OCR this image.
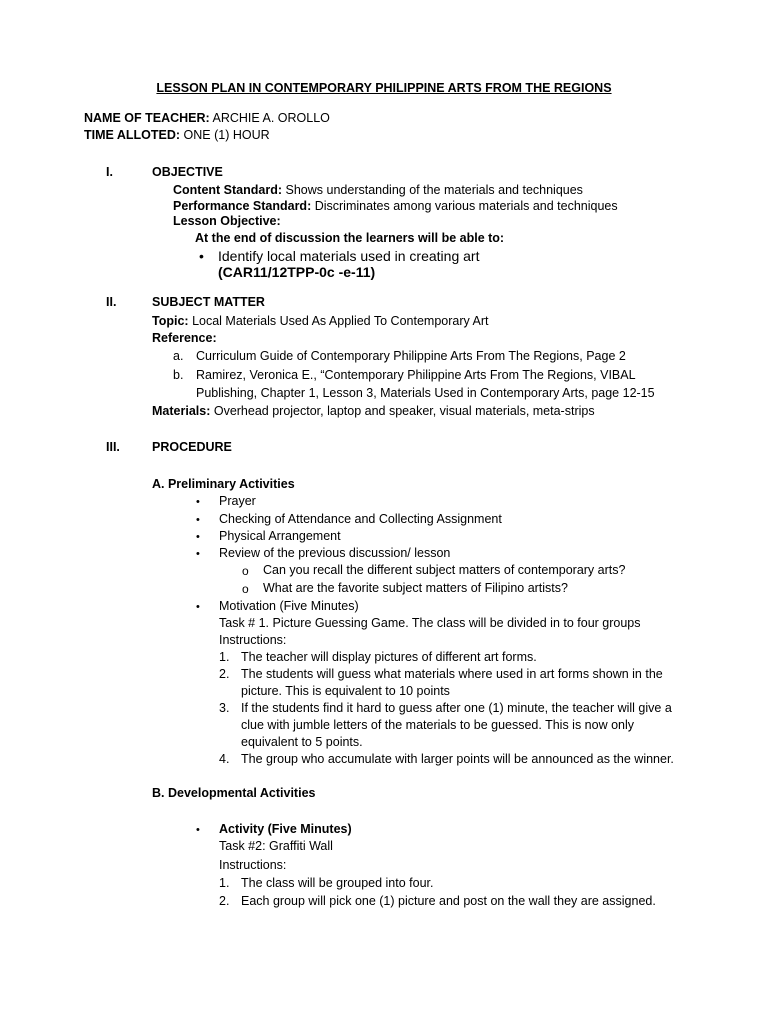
LESSON PLAN IN CONTEMPORARY PHILIPPINE ARTS FROM THE REGIONS
NAME OF TEACHER: ARCHIE A. OROLLO
TIME ALLOTED: ONE (1) HOUR
I.	OBJECTIVE
Content Standard: Shows understanding of the materials and techniques
Performance Standard: Discriminates among various materials and techniques
Lesson Objective:
At the end of discussion the learners will be able to:
• Identify local materials used in creating art
(CAR11/12TPP-0c -e-11)
II.	SUBJECT MATTER
Topic: Local Materials Used As Applied To Contemporary Art
Reference:
a. Curriculum Guide of Contemporary Philippine Arts From The Regions, Page 2
b. Ramirez, Veronica E., “Contemporary Philippine Arts From The Regions, VIBAL
Publishing, Chapter 1, Lesson 3, Materials Used in Contemporary Arts, page 12-15
Materials: Overhead projector, laptop and speaker, visual materials, meta-strips
III.	PROCEDURE
A. Preliminary Activities
• Prayer
• Checking of Attendance and Collecting Assignment
• Physical Arrangement
• Review of the previous discussion/ lesson
o Can you recall the different subject matters of contemporary arts?
o What are the favorite subject matters of Filipino artists?
• Motivation (Five Minutes)
Task # 1. Picture Guessing Game. The class will be divided in to four groups
Instructions:
1. The teacher will display pictures of different art forms.
2. The students will guess what materials where used in art forms shown in the
picture. This is equivalent to 10 points
3. If the students find it hard to guess after one (1) minute, the teacher will give a
clue with jumble letters of the materials to be guessed. This is now only
equivalent to 5 points.
4. The group who accumulate with larger points will be announced as the winner.
B. Developmental Activities
• Activity (Five Minutes)
Task #2: Graffiti Wall
Instructions:
1. The class will be grouped into four.
2. Each group will pick one (1) picture and post on the wall they are assigned.
